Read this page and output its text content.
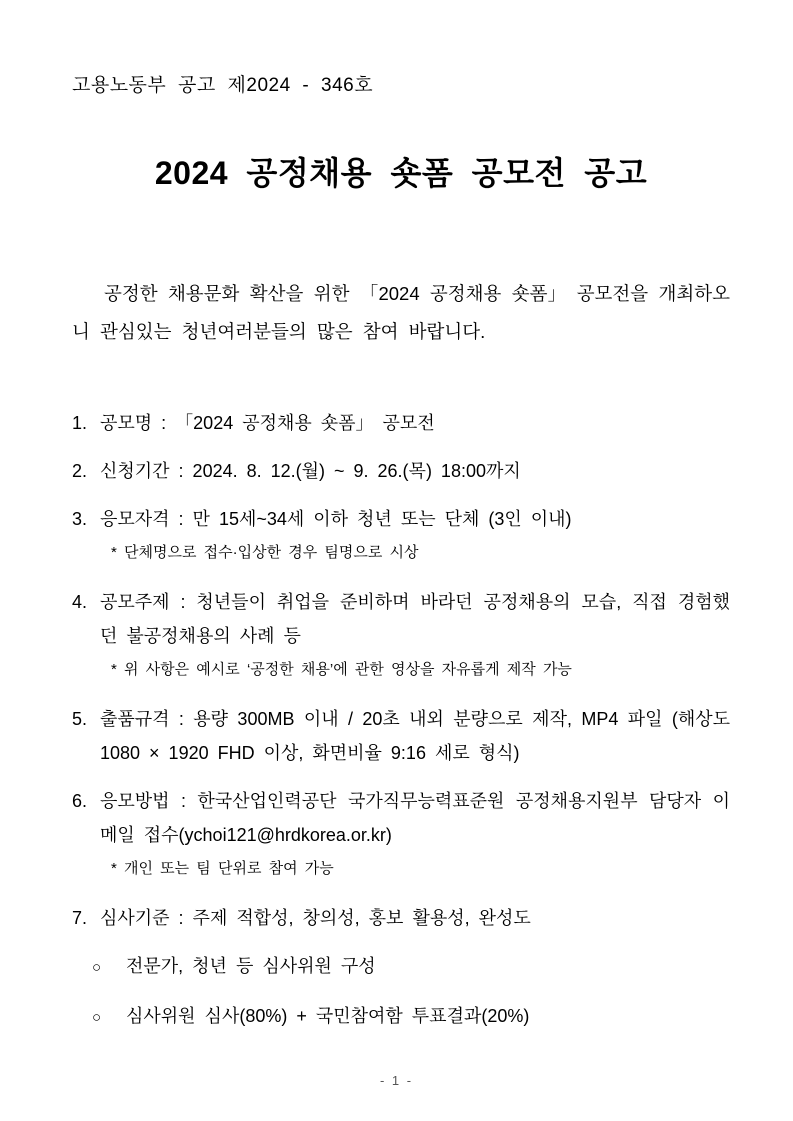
고용노동부 공고 제2024 - 346호
2024 공정채용 숏폼 공모전 공고

공정한 채용문화 확산을 위한 「2024 공정채용 숏폼」 공모전을 개최하오니 관심있는 청년여러분들의 많은 참여 바랍니다.

1. 공모명 : 「2024 공정채용 숏폼」 공모전

2. 신청기간 : 2024. 8. 12.(월) ~ 9. 26.(목) 18:00까지

3. 응모자격 : 만 15세~34세 이하 청년 또는 단체 (3인 이내)

* 단체명으로 접수·입상한 경우 팀명으로 시상

4. 공모주제 : 청년들이 취업을 준비하며 바라던 공정채용의 모습, 직접 경험했던 불공정채용의 사례 등

* 위 사항은 예시로 ‘공정한 채용’에 관한 영상을 자유롭게 제작 가능

5. 출품규격 : 용량 300MB 이내 / 20초 내외 분량으로 제작, MP4 파일 (해상도 1080 × 1920 FHD 이상, 화면비율 9:16 세로 형식)

6. 응모방법 : 한국산업인력공단 국가직무능력표준원 공정채용지원부 담당자 이메일 접수(ychoi121@hrdkorea.or.kr)

* 개인 또는 팀 단위로 참여 가능

7. 심사기준 : 주제 적합성, 창의성, 홍보 활용성, 완성도

○ 전문가, 청년 등 심사위원 구성

○ 심사위원 심사(80%) + 국민참여함 투표결과(20%)

- 1 -
